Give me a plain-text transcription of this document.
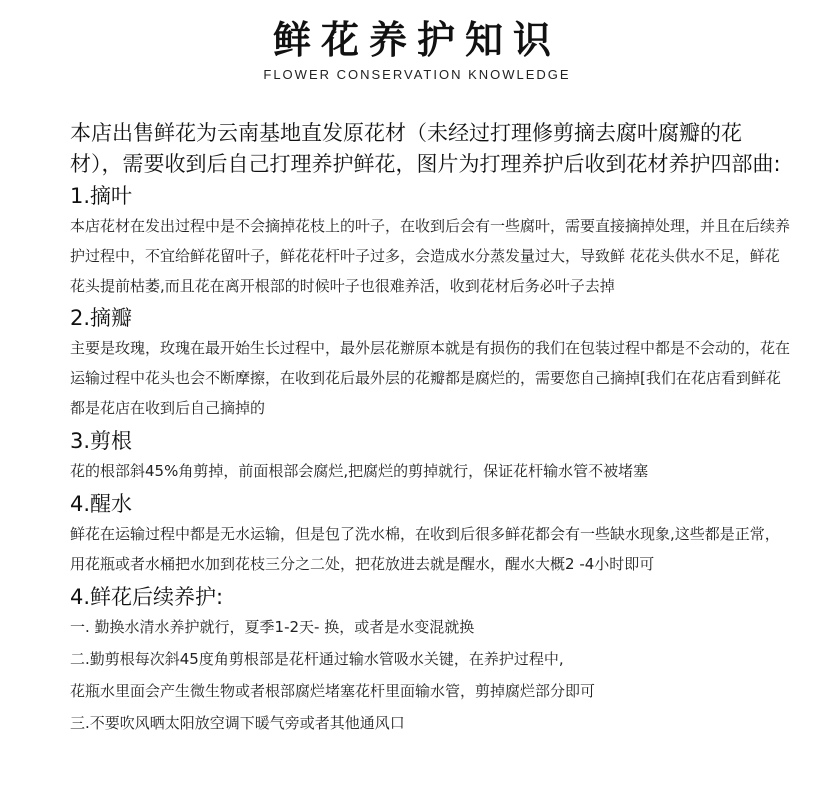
鲜花养护知识
FLOWER CONSERVATION KNOWLEDGE

本店出售鲜花为云南基地直发原花材（未经过打理修剪摘去腐叶腐瓣的花材），需要收到后自己打理养护鲜花，图片为打理养护后收到花材养护四部曲:

1.摘叶

本店花材在发出过程中是不会摘掉花枝上的叶子，在收到后会有一些腐叶，需要直接摘掉处理，并且在后续养护过程中，不宜给鲜花留叶子，鲜花花杆叶子过多，会造成水分蒸发量过大，导致鲜 花花头供水不足，鲜花花头提前枯萎,而且花在离开根部的时候叶子也很难养活，收到花材后务必叶子去掉

2.摘瓣

主要是玫瑰，玫瑰在最开始生长过程中，最外层花辦原本就是有损伤的我们在包装过程中都是不会动的，花在运输过程中花头也会不断摩擦，在收到花后最外层的花瓣都是腐烂的，需要您自己摘掉[我们在花店看到鲜花都是花店在收到后自己摘掉的

3.剪根

花的根部斜45%角剪掉，前面根部会腐烂,把腐烂的剪掉就行，保证花杆输水管不被堵塞

4.醒水

鲜花在运输过程中都是无水运输，但是包了洗水棉，在收到后很多鲜花都会有一些缺水现象,这些都是正常，用花瓶或者水桶把水加到花枝三分之二处，把花放进去就是醒水，醒水大概2 -4小时即可

4.鲜花后续养护:

一. 勤换水清水养护就行，夏季1-2天- 换，或者是水变混就换

二.勤剪根每次斜45度角剪根部是花杆通过输水管吸水关键，在养护过程中,

花瓶水里面会产生微生物或者根部腐烂堵塞花杆里面输水管，剪掉腐烂部分即可

三.不要吹风晒太阳放空调下暖气旁或者其他通风口
